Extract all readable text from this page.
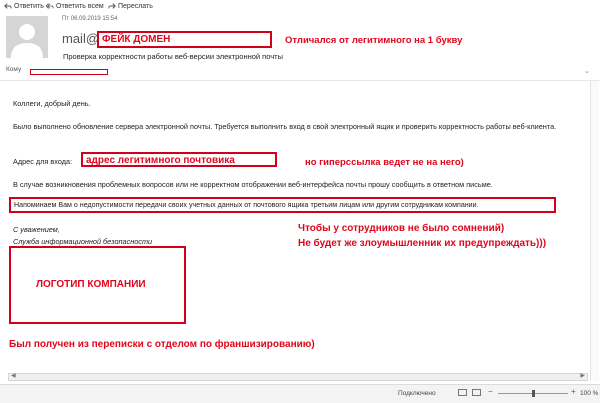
Ответить Ответить всем Переслать
Пт 06.09.2019 15:54
mail@ ФЕЙК ДОМЕН	Отличался от легитимного на 1 букву
Проверка корректности работы веб-версии электронной почты
Кому	⌄
Коллеги, добрый день.
Было выполнено обновление сервера электронной почты. Требуется выполнить вход в свой электронный ящик и проверить корректность работы веб-клиента.
Адрес для входа: адрес легитимного почтовика	но гиперссылка ведет не на него)
В случае возникновения проблемных вопросов или не корректном отображении веб-интерфейса почты прошу сообщить в ответном письме.
Напоминаем Вам о недопустимости передачи своих учетных данных от почтового ящика третьим лицам или другим сотрудникам компании.
С уважением,
Служба информационной безопасности
Чтобы у сотрудников не было сомнений)
Не будет же злоумышленник их предупреждать)))
ЛОГОТИП КОМПАНИИ
Был получен из переписки с отделом по франшизированию)
◀	▶
Подключено	−	+ 100 %
